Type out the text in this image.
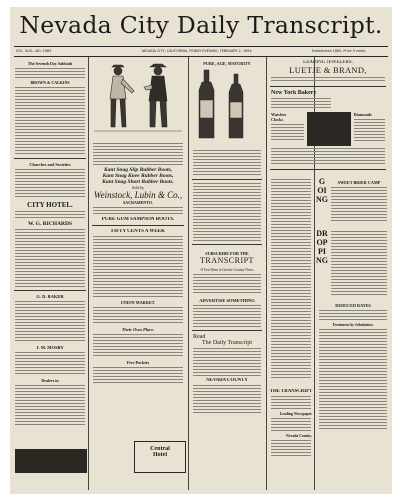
Nevada City Daily Transcript.
VOL. XLVI—NO. 1965	NEVADA CITY, CALIFORNIA, FRIDAY EVENING, FEBRUARY 2, 1894	Established 1860. Price 5 cents.
The Seventh Day Sabbath
BROWN & CALKINS
Churches and Societies
CITY HOTEL.
W. G. RICHARDS
G. D. BAKER
J. M. MOSBY
Dealers in
Kant Snag Slip Rubber Boots,
Kant Snag Knee Rubber Boots,
Kant Snag Short Rubber Boots.
Sold by
Weinstock, Lubin & Co.,
SACRAMENTO.
PURE GUM SAMPSON BOOTS.
FIFTY CENTS A WEEK
UNION MARKET.
Their Own Place.
Five Pockets
Central
Hotel
PURE, AGE, MATURITY
SUBSCRIBE FOR THE
TRANSCRIPT
If You Want to Get the County News
ADVERTISE SOMETHING
Read
The Daily Transcript
NEVADA COUNTY
LEADING JEWELERS.
LUETJE & BRAND,
New York Bakery
Watches
Clocks
Diamonds
THE TRANSCRIPT
Leading Newspaper
Nevada County.
GOING
SWEET BRIER CAMP
DROPPING
REDUCED RATES
Treatment by Inhalation.
